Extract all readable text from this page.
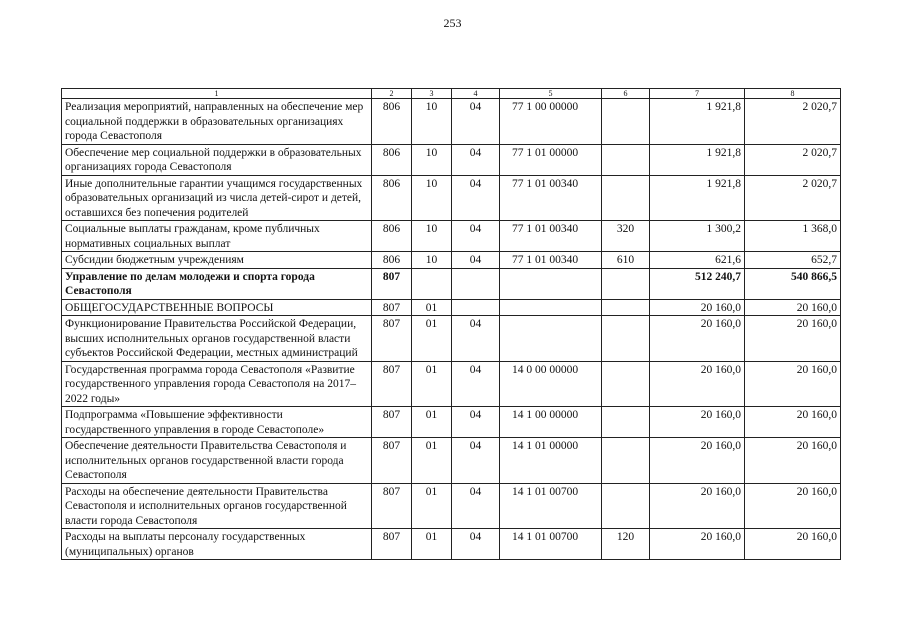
253
1	2	3	4	5	6	7	8
Реализация мероприятий, направленных на обеспечение мер социальной поддержки в образовательных организациях города Севастополя	806	10	04	77 1 00 00000		1 921,8	2 020,7
Обеспечение мер социальной поддержки в образовательных организациях города Севастополя	806	10	04	77 1 01 00000		1 921,8	2 020,7
Иные дополнительные гарантии учащимся государственных образовательных организаций из числа детей-сирот и детей, оставшихся без попечения родителей	806	10	04	77 1 01 00340		1 921,8	2 020,7
Социальные выплаты гражданам, кроме публичных нормативных социальных выплат	806	10	04	77 1 01 00340	320	1 300,2	1 368,0
Субсидии бюджетным учреждениям	806	10	04	77 1 01 00340	610	621,6	652,7
Управление по делам молодежи и спорта города Севастополя	807					512 240,7	540 866,5
ОБЩЕГОСУДАРСТВЕННЫЕ ВОПРОСЫ	807	01				20 160,0	20 160,0
Функционирование Правительства Российской Федерации, высших исполнительных органов государственной власти субъектов Российской Федерации, местных администраций	807	01	04			20 160,0	20 160,0
Государственная программа города Севастополя «Развитие государственного управления города Севастополя на 2017–2022 годы»	807	01	04	14 0 00 00000		20 160,0	20 160,0
Подпрограмма «Повышение эффективности государственного управления в городе Севастополе»	807	01	04	14 1 00 00000		20 160,0	20 160,0
Обеспечение деятельности Правительства Севастополя и исполнительных органов государственной власти города Севастополя	807	01	04	14 1 01 00000		20 160,0	20 160,0
Расходы на обеспечение деятельности Правительства Севастополя и исполнительных органов государственной власти города Севастополя	807	01	04	14 1 01 00700		20 160,0	20 160,0
Расходы на выплаты персоналу государственных (муниципальных) органов	807	01	04	14 1 01 00700	120	20 160,0	20 160,0
